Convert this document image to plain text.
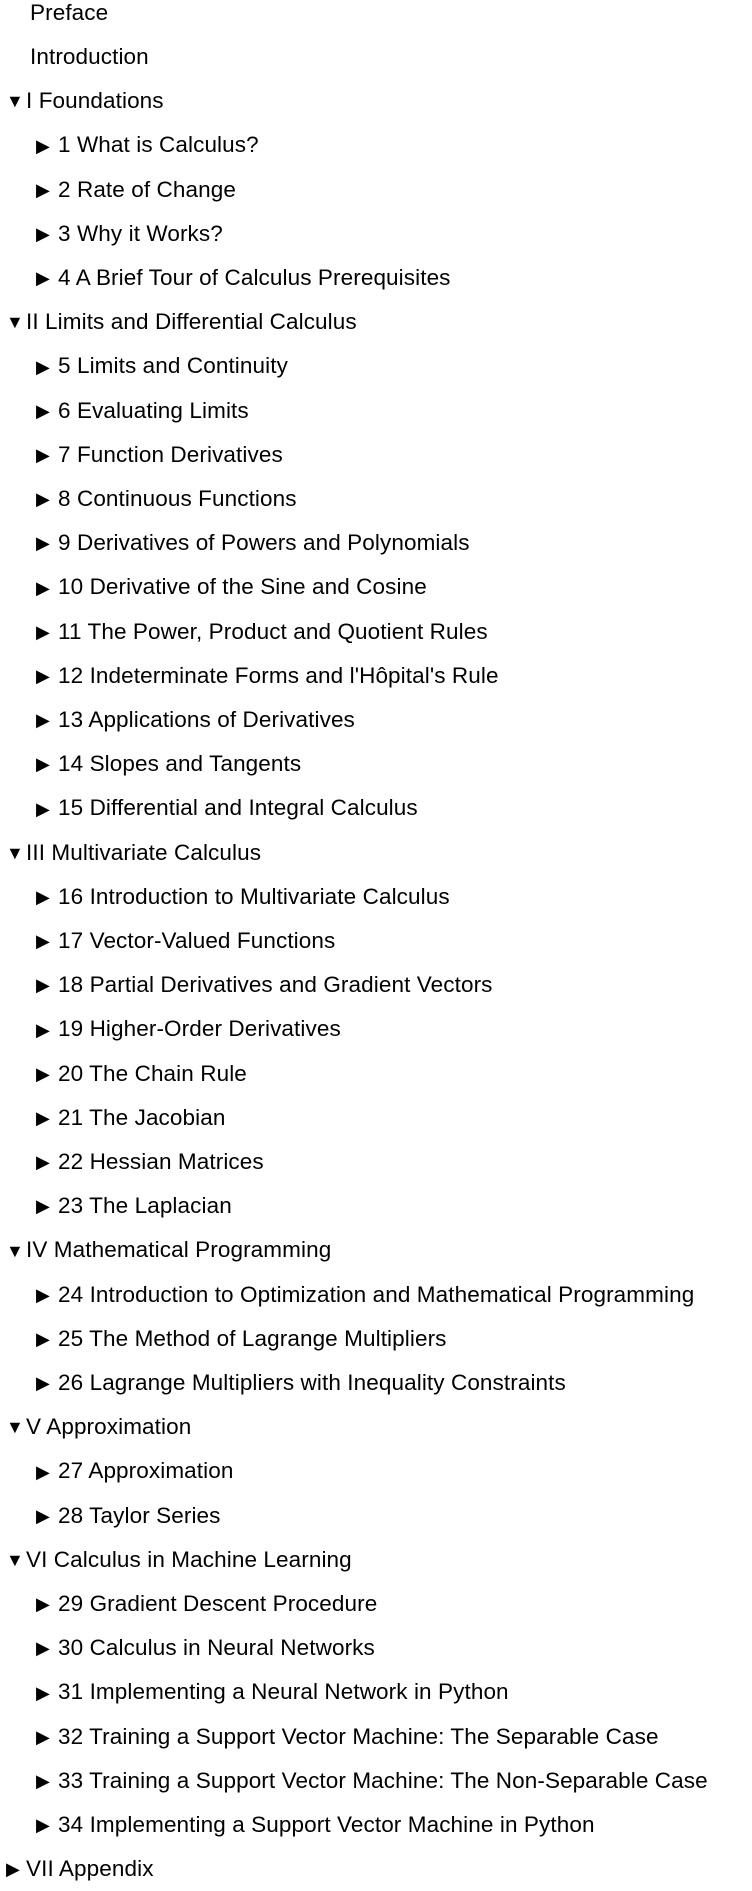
Preface
Introduction
▼ I Foundations
▶ 1 What is Calculus?
▶ 2 Rate of Change
▶ 3 Why it Works?
▶ 4 A Brief Tour of Calculus Prerequisites
▼ II Limits and Differential Calculus
▶ 5 Limits and Continuity
▶ 6 Evaluating Limits
▶ 7 Function Derivatives
▶ 8 Continuous Functions
▶ 9 Derivatives of Powers and Polynomials
▶ 10 Derivative of the Sine and Cosine
▶ 11 The Power, Product and Quotient Rules
▶ 12 Indeterminate Forms and l'Hôpital's Rule
▶ 13 Applications of Derivatives
▶ 14 Slopes and Tangents
▶ 15 Differential and Integral Calculus
▼ III Multivariate Calculus
▶ 16 Introduction to Multivariate Calculus
▶ 17 Vector-Valued Functions
▶ 18 Partial Derivatives and Gradient Vectors
▶ 19 Higher-Order Derivatives
▶ 20 The Chain Rule
▶ 21 The Jacobian
▶ 22 Hessian Matrices
▶ 23 The Laplacian
▼ IV Mathematical Programming
▶ 24 Introduction to Optimization and Mathematical Programming
▶ 25 The Method of Lagrange Multipliers
▶ 26 Lagrange Multipliers with Inequality Constraints
▼ V Approximation
▶ 27 Approximation
▶ 28 Taylor Series
▼ VI Calculus in Machine Learning
▶ 29 Gradient Descent Procedure
▶ 30 Calculus in Neural Networks
▶ 31 Implementing a Neural Network in Python
▶ 32 Training a Support Vector Machine: The Separable Case
▶ 33 Training a Support Vector Machine: The Non-Separable Case
▶ 34 Implementing a Support Vector Machine in Python
▶ VII Appendix
